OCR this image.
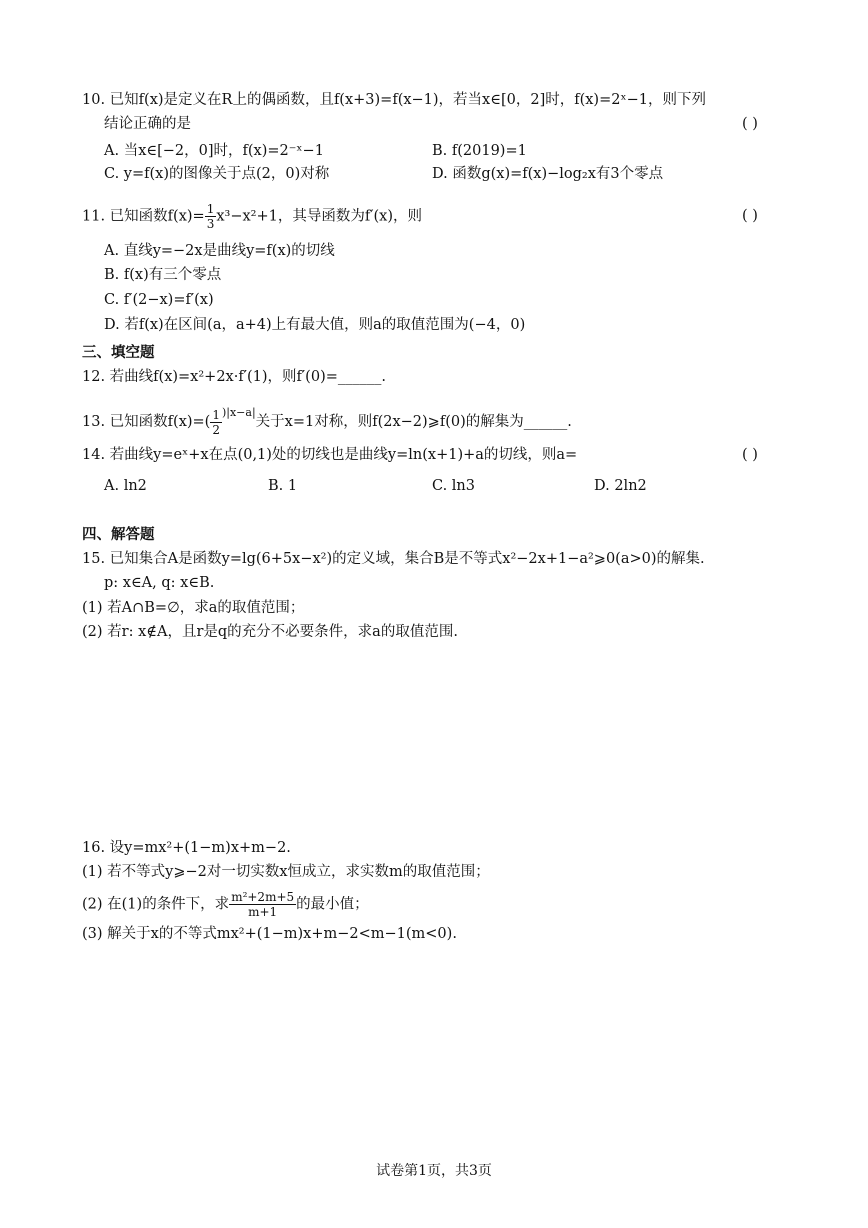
10. 已知f(x)是定义在R上的偶函数，且f(x+3)=f(x−1)，若当x∈[0，2]时，f(x)=2ˣ−1，则下列
结论正确的是	( )
A. 当x∈[−2，0]时，f(x)=2⁻ˣ−1	B. f(2019)=1
C. y=f(x)的图像关于点(2，0)对称	D. 函数g(x)=f(x)−log₂x有3个零点
11. 已知函数$f(x)= \frac{1}{3} x^3-x^2+1$，其导函数为f′(x)，则	( )
A. 直线y=−2x是曲线y=f(x)的切线
B. f(x)有三个零点
C. f′(2−x)=f′(x)
D. 若f(x)在区间(a，a+4)上有最大值，则a的取值范围为(−4，0)
三、填空题
12. 若曲线f(x)=x²+2x·f′(1)，则f′(0)=______.
13. 已知函数$f(x)=( \frac{1}{2} ^{)|x-a|}$关于x=1对称，则f(2x−2)⩾f(0)的解集为______.
14. 若曲线y=eˣ+x在点(0,1)处的切线也是曲线y=ln(x+1)+a的切线，则a=	( )
A. ln2	B. 1	C. ln3	D. 2ln2
四、解答题
15. 已知集合A是函数y=lg(6+5x−x²)的定义域，集合B是不等式x²−2x+1−a²⩾0(a>0)的解集.
p: x∈A, q: x∈B.
(1) 若A∩B=∅，求a的取值范围；
(2) 若r: x∉A，且r是q的充分不必要条件，求a的取值范围.
16. 设y=mx²+(1−m)x+m−2.
(1) 若不等式y⩾−2对一切实数x恒成立，求实数m的取值范围；
(2) 在(1)的条件下，求 $\frac{\text{m²+2m+5}}{m+1}$ 的最小值；
(3) 解关于x的不等式mx²+(1−m)x+m−2<m−1(m<0).
试卷第1页，共3页
